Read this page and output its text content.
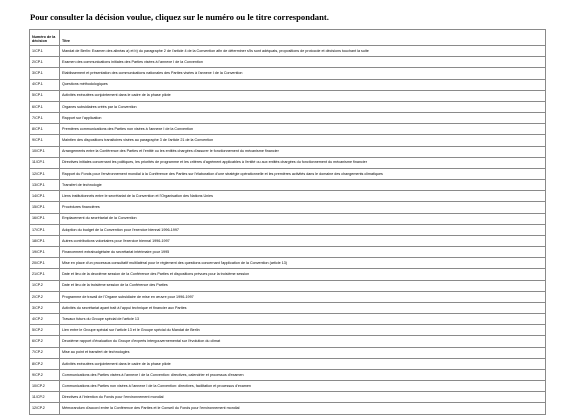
Pour consulter la décision voulue, cliquez sur le numéro ou le titre correspondant.
Numéro de la décision	Titre
1/CP.1	Mandat de Berlin: Examen des alinéas a) et b) du paragraphe 2 de l'article 4 de la Convention afin de déterminer s'ils sont adéquats, propositions de protocole et décisions touchant la suite
2/CP.1	Examen des communications initiales des Parties visées à l'annexe I de la Convention
3/CP.1	Etablissement et présentation des communications nationales des Parties visées à l'annexe I de la Convention
4/CP.1	Questions méthodologiques
5/CP.1	Activités exécutées conjointement dans le cadre de la phase pilote
6/CP.1	Organes subsidiaires créés par la Convention
7/CP.1	Rapport sur l'application
8/CP.1	Premières communications des Parties non visées à l'annexe I de la Convention
9/CP.1	Maintien des dispositions transitoires visées au paragraphe 3 de l'article 21 de la Convention
10/CP.1	Arrangements entre la Conférence des Parties et l'entité ou les entités chargées d'assurer le fonctionnement du mécanisme financier
11/CP.1	Directives initiales concernant les politiques, les priorités de programme et les critères d'agrément applicables à l'entité ou aux entités chargées du fonctionnement du mécanisme financier
12/CP.1	Rapport du Fonds pour l'environnement mondial à la Conférence des Parties sur l'élaboration d'une stratégie opérationnelle et les premières activités dans le domaine des changements climatiques
13/CP.1	Transfert de technologie
14/CP.1	Liens institutionnels entre le secrétariat de la Convention et l'Organisation des Nations Unies
15/CP.1	Procédures financières
16/CP.1	Emplacement du secrétariat de la Convention
17/CP.1	Adoption du budget de la Convention pour l'exercice biennal 1996-1997
18/CP.1	Autres contributions volontaires pour l'exercice biennal 1996-1997
19/CP.1	Financement extrabudgétaire du secrétariat intérimaire pour 1995
20/CP.1	Mise en place d'un processus consultatif multilatéral pour le règlement des questions concernant l'application de la Convention (article 13)
21/CP.1	Date et lieu de la deuxième session de la Conférence des Parties et dispositions prévues pour la troisième session
1/CP.2	Date et lieu de la troisième session de la Conférence des Parties
2/CP.2	Programme de travail de l'Organe subsidiaire de mise en œuvre pour 1996-1997
3/CP.2	Activités du secrétariat ayant trait à l'appui technique et financier aux Parties
4/CP.2	Travaux futurs du Groupe spécial de l'article 13
5/CP.2	Lien entre le Groupe spécial sur l'article 13 et le Groupe spécial du Mandat de Berlin
6/CP.2	Deuxième rapport d'évaluation du Groupe d'experts intergouvernemental sur l'évolution du climat
7/CP.2	Mise au point et transfert de technologies
8/CP.2	Activités exécutées conjointement dans le cadre de la phase pilote
9/CP.2	Communications des Parties visées à l'annexe I de la Convention: directives, calendrier et processus d'examen
10/CP.2	Communications des Parties non visées à l'annexe I de la Convention: directives, facilitation et processus d'examen
11/CP.2	Directives à l'intention du Fonds pour l'environnement mondial
12/CP.2	Mémorandum d'accord entre la Conférence des Parties et le Conseil du Fonds pour l'environnement mondial
